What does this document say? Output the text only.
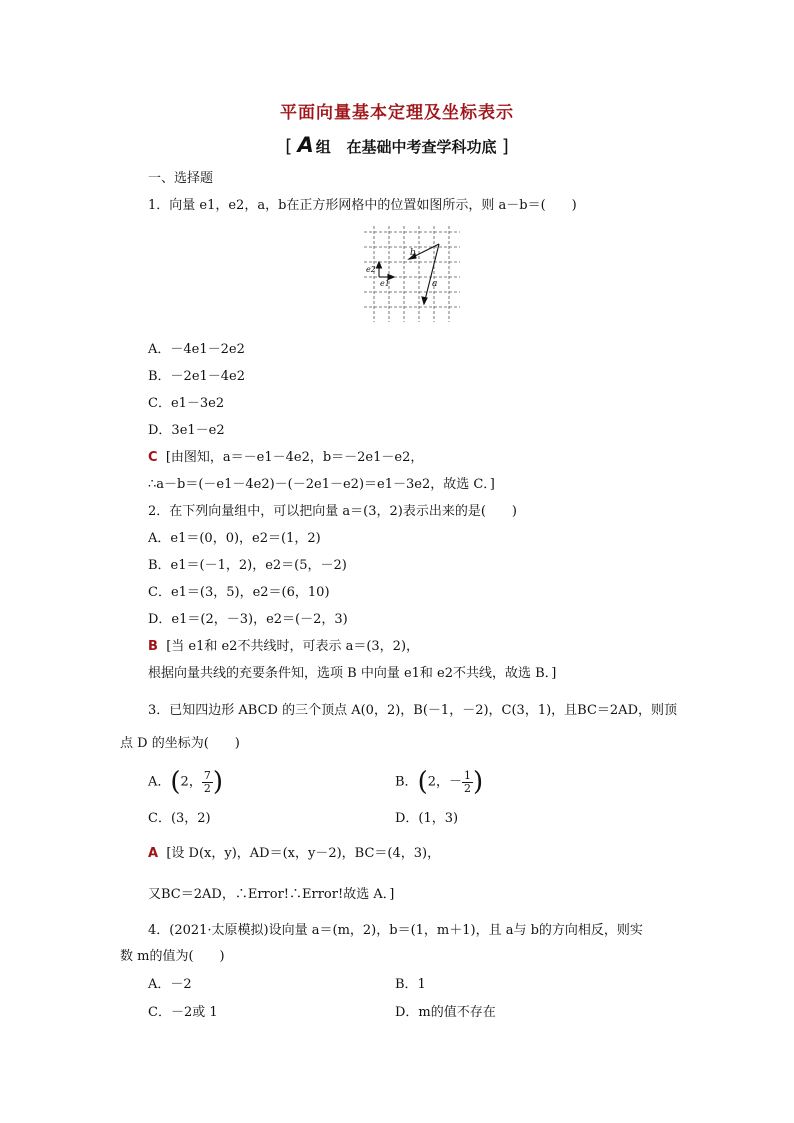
平面向量基本定理及坐标表示
[ A 组 在基础中考查学科功底 ]
一、选择题
1．向量 e1，e2，a，b在正方形网格中的位置如图所示，则 a－b＝(　　)
b
a
e2
e1
A．－4e1－2e2
B．－2e1－4e2
C．e1－3e2
D．3e1－e2
C [由图知，a＝－e1－4e2，b＝－2e1－e2，
∴a－b＝(－e1－4e2)－(－2e1－e2)＝e1－3e2，故选 C．]
2．在下列向量组中，可以把向量 a＝(3，2)表示出来的是(　　)
A．e1＝(0，0)，e2＝(1，2)
B．e1＝(－1，2)，e2＝(5，－2)
C．e1＝(3，5)，e2＝(6，10)
D．e1＝(2，－3)，e2＝(－2，3)
B [当 e1和 e2不共线时，可表示 a＝(3，2)，
根据向量共线的充要条件知，选项 B 中向量 e1和 e2不共线，故选 B．]
3．已知四边形 ABCD 的三个顶点 A(0，2)，B(－1，－2)，C(3，1)，且BC＝2AD，则顶
点 D 的坐标为(　　)
A．(2， $\frac{7}{2}$ )	B．(2，－ $\frac{1}{2}$ )
C．(3，2)	D．(1，3)
A [设 D(x，y)，AD＝(x，y－2)，BC＝(4，3)，
又BC＝2AD，∴Error!∴Error!故选 A．]
4．(2021·太原模拟)设向量 a＝(m，2)，b＝(1，m＋1)，且 a与 b的方向相反，则实
数 m的值为(　　)
A．－2	B．1
C．－2或 1	D．m的值不存在
